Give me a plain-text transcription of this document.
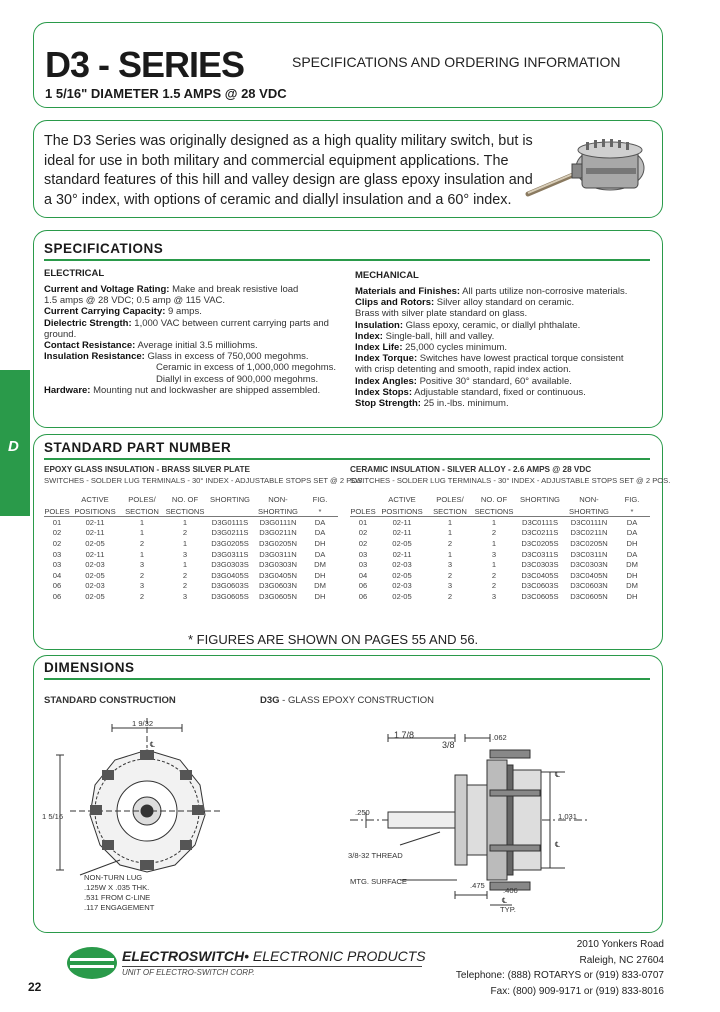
D
D3 - SERIES	SPECIFICATIONS AND ORDERING INFORMATION
1 5/16" DIAMETER 1.5 AMPS @ 28 VDC
The D3 Series was originally designed as a high quality military switch, but is
ideal for use in both military and commercial equipment applications. The
standard features of this hill and valley design are glass epoxy insulation and
a 30° index, with options of ceramic and diallyl insulation and a 60° index.
SPECIFICATIONS
ELECTRICAL
Current and Voltage Rating: Make and break resistive load
1.5 amps @ 28 VDC; 0.5 amp @ 115 VAC.
Current Carrying Capacity: 9 amps.
Dielectric Strength: 1,000 VAC between current carrying parts and
ground.
Contact Resistance: Average initial 3.5 milliohms.
Insulation Resistance: Glass in excess of 750,000 megohms.
Ceramic in excess of 1,000,000 megohms.
Diallyl in excess of 900,000 megohms.
Hardware: Mounting nut and lockwasher are shipped assembled.
MECHANICAL
Materials and Finishes: All parts utilize non-corrosive materials.
Clips and Rotors: Silver alloy standard on ceramic.
Brass with silver plate standard on glass.
Insulation: Glass epoxy, ceramic, or diallyl phthalate.
Index: Single-ball, hill and valley.
Index Life: 25,000 cycles minimum.
Index Torque: Switches have lowest practical torque consistent
with crisp detenting and smooth, rapid index action.
Index Angles: Positive 30° standard, 60° available.
Index Stops: Adjustable standard, fixed or continuous.
Stop Strength: 25 in.-lbs. minimum.
STANDARD PART NUMBER
EPOXY GLASS INSULATION - BRASS SILVER PLATE
SWITCHES - SOLDER LUG TERMINALS - 30° INDEX - ADJUSTABLE STOPS SET @ 2 POS.
	ACTIVE	POLES/	NO. OF	SHORTING	NON-	FIG.
POLES	POSITIONS	SECTION	SECTIONS		SHORTING	*
01	02-11	1	1	D3G0111S	D3G0111N	DA
02	02-11	1	2	D3G0211S	D3G0211N	DA
02	02-05	2	1	D3G0205S	D3G0205N	DH
03	02-11	1	3	D3G0311S	D3G0311N	DA
03	02-03	3	1	D3G0303S	D3G0303N	DM
04	02-05	2	2	D3G0405S	D3G0405N	DH
06	02-03	3	2	D3G0603S	D3G0603N	DM
06	02-05	2	3	D3G0605S	D3G0605N	DH
CERAMIC INSULATION - SILVER ALLOY - 2.6 AMPS @ 28 VDC
SWITCHES - SOLDER LUG TERMINALS - 30° INDEX - ADJUSTABLE STOPS SET @ 2 POS.
	ACTIVE	POLES/	NO. OF	SHORTING	NON-	FIG.
POLES	POSITIONS	SECTION	SECTIONS		SHORTING	*
01	02-11	1	1	D3C0111S	D3C0111N	DA
02	02-11	1	2	D3C0211S	D3C0211N	DA
02	02-05	2	1	D3C0205S	D3C0205N	DH
03	02-11	1	3	D3C0311S	D3C0311N	DA
03	02-03	3	1	D3C0303S	D3C0303N	DM
04	02-05	2	2	D3C0405S	D3C0405N	DH
06	02-03	3	2	D3C0603S	D3C0603N	DM
06	02-05	2	3	D3C0605S	D3C0605N	DH
* FIGURES ARE SHOWN ON PAGES 55 AND 56.
DIMENSIONS
STANDARD CONSTRUCTION	D3G - GLASS EPOXY CONSTRUCTION
1 9/32
1 5/16
℄
NON-TURN LUG
.125W X .035 THK.
.531 FROM C-LINE
.117 ENGAGEMENT
1 7/8
3/8
.062
℄
.250	1.031
℄
3/8-32 THREAD
MTG. SURFACE	.475
.406
℄
TYP.
ELECTROSWITCH• ELECTRONIC PRODUCTS
UNIT OF ELECTRO-SWITCH CORP.
2010 Yonkers Road
Raleigh, NC 27604
Telephone: (888) ROTARYS or (919) 833-0707
Fax: (800) 909-9171 or (919) 833-8016
22
